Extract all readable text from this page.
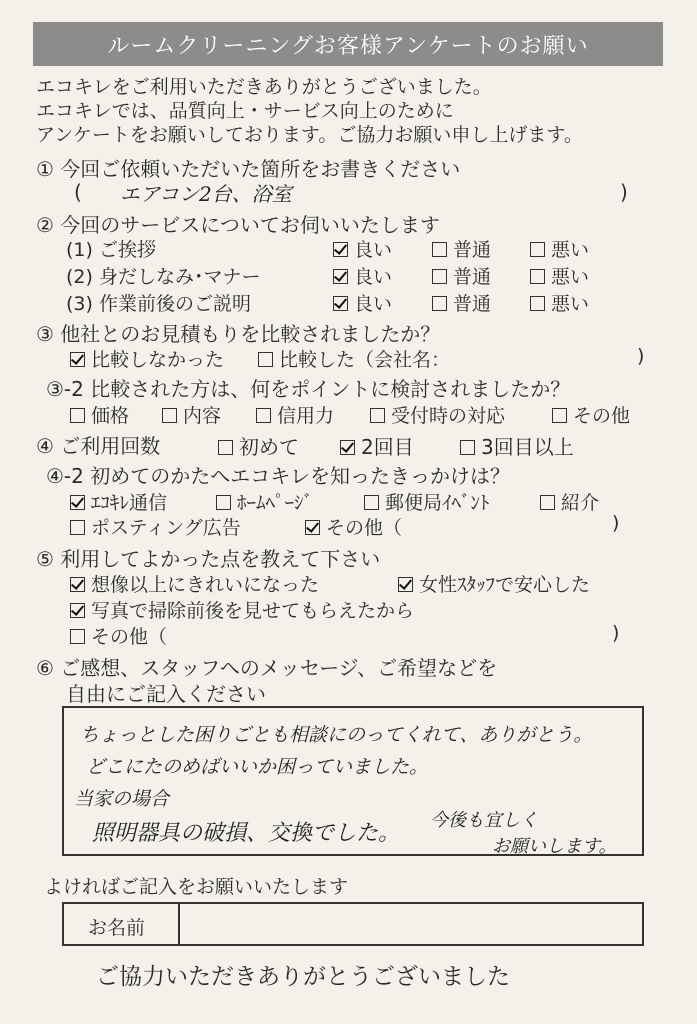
ルームクリーニングお客様アンケートのお願い
エコキレをご利用いただきありがとうございました。
エコキレでは、品質向上・サービス向上のために
アンケートをお願いしております。ご協力お願い申し上げます。
① 今回ご依頼いただいた箇所をお書きください
( エアコン2台、浴室	)
② 今回のサービスについてお伺いいたします
(1) ご挨拶	良い	普通	悪い
(2) 身だしなみ･マナー	良い	普通	悪い
(3) 作業前後のご説明	良い	普通	悪い
③ 他社とのお見積もりを比較されましたか？
比較しなかった	比較した（会社名：	)
③-2 比較された方は、何をポイントに検討されましたか？
価格	内容	信用力	受付時の対応	その他
④ ご利用回数	初めて	2回目	3回目以上
④-2 初めてのかたへエコキレを知ったきっかけは？
ｴｺｷﾚ通信	ﾎｰﾑﾍﾟｰｼﾞ	郵便局ｲﾍﾞﾝﾄ	紹介
ポスティング広告	その他（	)
⑤ 利用してよかった点を教えて下さい
想像以上にきれいになった	女性ｽﾀｯﾌで安心した
写真で掃除前後を見せてもらえたから
その他（	)
⑥ ご感想、スタッフへのメッセージ、ご希望などを
自由にご記入ください
ちょっとした困りごとも相談にのってくれて、ありがとう。
どこにたのめばいいか困っていました。
当家の場合
照明器具の破損、交換でした。
今後も宜しく
お願いします。
よければご記入をお願いいたします
お名前
ご協力いただきありがとうございました
